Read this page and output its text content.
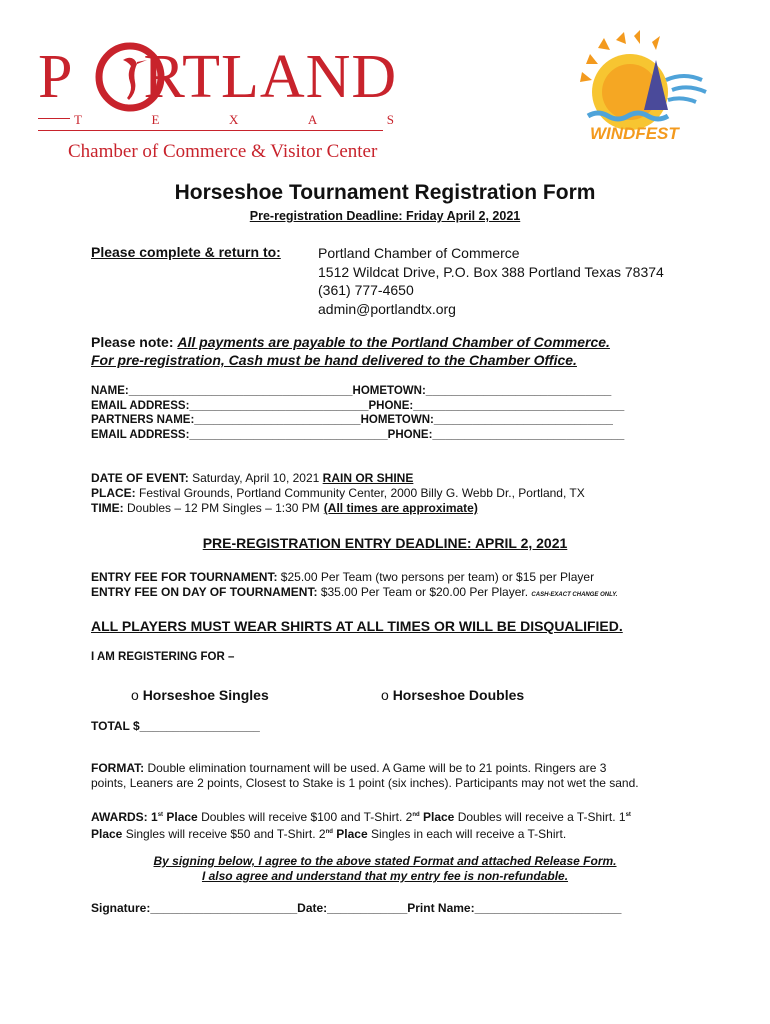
P RTLAND
T	E	X	A	S
Chamber of Commerce & Visitor Center
WINDFEST
Horseshoe Tournament Registration Form
Pre-registration Deadline: Friday April 2, 2021
Please complete & return to:	Portland Chamber of Commerce
1512 Wildcat Drive, P.O. Box 388 Portland Texas 78374
(361) 777-4650
admin@portlandtx.org
Please note: All payments are payable to the Portland Chamber of Commerce.
For pre-registration, Cash must be hand delivered to the Chamber Office.
NAME:___________________________________HOMETOWN:_____________________________
EMAIL ADDRESS:____________________________PHONE:_________________________________
PARTNERS NAME:__________________________HOMETOWN:____________________________
EMAIL ADDRESS:_______________________________PHONE:______________________________
DATE OF EVENT: Saturday, April 10, 2021 RAIN OR SHINE
PLACE: Festival Grounds, Portland Community Center, 2000 Billy G. Webb Dr., Portland, TX
TIME: Doubles – 12 PM Singles – 1:30 PM (All times are approximate)
PRE-REGISTRATION ENTRY DEADLINE: APRIL 2, 2021
ENTRY FEE FOR TOURNAMENT: $25.00 Per Team (two persons per team) or $15 per Player
ENTRY FEE ON DAY OF TOURNAMENT: $35.00 Per Team or $20.00 Per Player. CASH-EXACT CHANGE ONLY.
ALL PLAYERS MUST WEAR SHIRTS AT ALL TIMES OR WILL BE DISQUALIFIED.
I AM REGISTERING FOR –
o Horseshoe Singles	o Horseshoe Doubles
TOTAL $__________________
FORMAT: Double elimination tournament will be used. A Game will be to 21 points. Ringers are 3
points, Leaners are 2 points, Closest to Stake is 1 point (six inches). Participants may not wet the sand.
AWARDS: 1st Place Doubles will receive $100 and T-Shirt. 2nd Place Doubles will receive a T-Shirt. 1st
Place Singles will receive $50 and T-Shirt. 2nd Place Singles in each will receive a T-Shirt.
By signing below, I agree to the above stated Format and attached Release Form.
I also agree and understand that my entry fee is non-refundable.
Signature:______________________Date:____________Print Name:______________________
